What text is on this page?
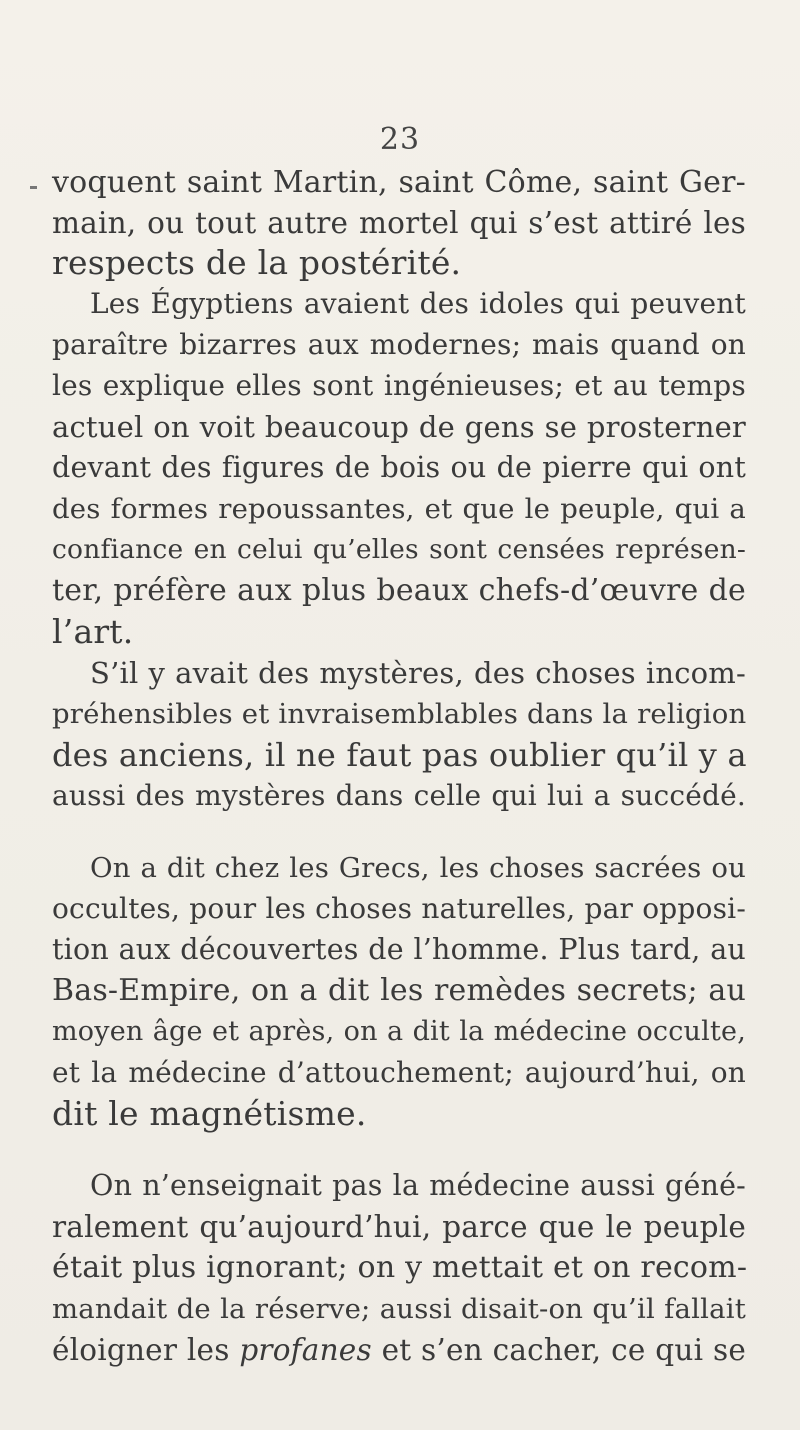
23
voquent saint Martin, saint Côme, saint Ger-
main, ou tout autre mortel qui s’est attiré les
respects de la postérité.
Les Égyptiens avaient des idoles qui peuvent
paraître bizarres aux modernes; mais quand on
les explique elles sont ingénieuses; et au temps
actuel on voit beaucoup de gens se prosterner
devant des figures de bois ou de pierre qui ont
des formes repoussantes, et que le peuple, qui a
confiance en celui qu’elles sont censées représen-
ter, préfère aux plus beaux chefs-d’œuvre de
l’art.
S’il y avait des mystères, des choses incom-
préhensibles et invraisemblables dans la religion
des anciens, il ne faut pas oublier qu’il y a
aussi des mystères dans celle qui lui a succédé.
On a dit chez les Grecs, les choses sacrées ou
occultes, pour les choses naturelles, par opposi-
tion aux découvertes de l’homme. Plus tard, au
Bas-Empire, on a dit les remèdes secrets; au
moyen âge et après, on a dit la médecine occulte,
et la médecine d’attouchement; aujourd’hui, on
dit le magnétisme.
On n’enseignait pas la médecine aussi géné-
ralement qu’aujourd’hui, parce que le peuple
était plus ignorant; on y mettait et on recom-
mandait de la réserve; aussi disait-on qu’il fallait
éloigner les profanes et s’en cacher, ce qui se
